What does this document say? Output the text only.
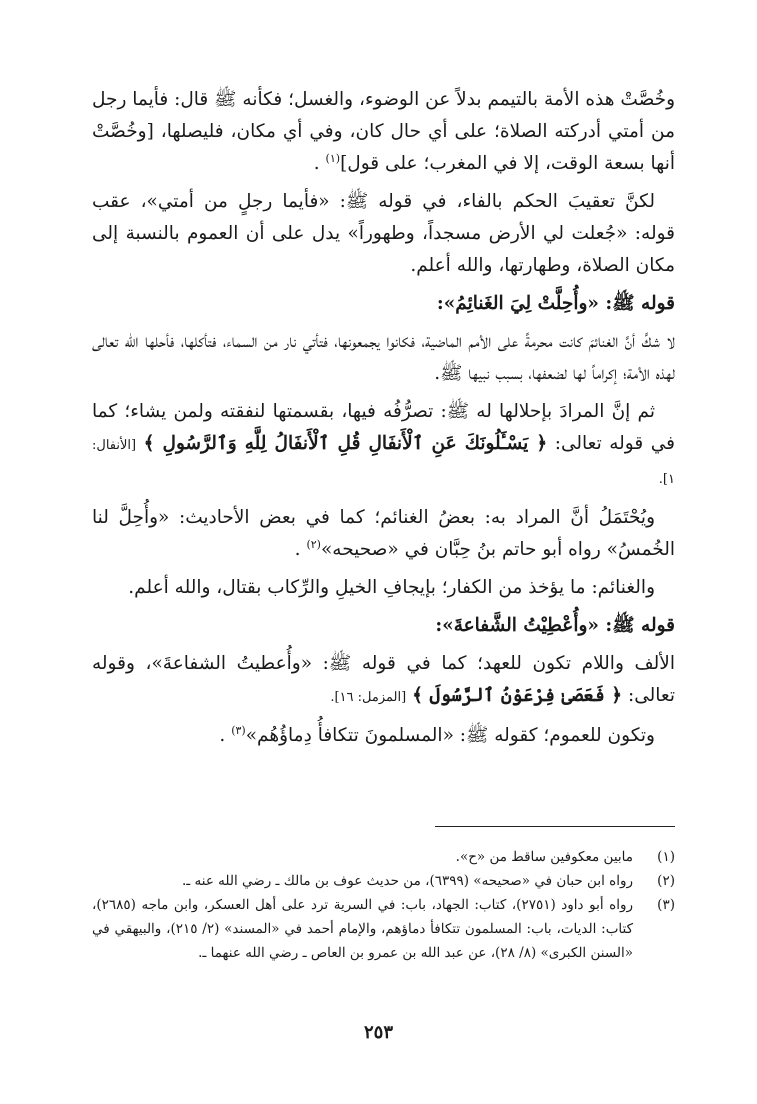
وخُصَّتْ هذه الأمة بالتيمم بدلاً عن الوضوء، والغسل؛ فكأنه ﷺ قال: فأيما رجل من أمتي أدركته الصلاة؛ على أي حال كان، وفي أي مكان، فليصلها، [وخُصَّتْ أنها بسعة الوقت، إلا في المغرب؛ على قول]$^{(١)}$ .

لكنَّ تعقيبَ الحكم بالفاء، في قوله ﷺ: «فأيما رجلٍ من أمتي»، عقب قوله: «جُعلت لي الأرض مسجداً، وطهوراً» يدل على أن العموم بالنسبة إلى مكان الصلاة، وطهارتها، والله أعلم.

قوله ﷺ: «وأُحِلَّتْ لِيَ الغَنائِمُ»:

لا شكَّ أنَّ الغنائمَ كانت محرمةً على الأمم الماضية، فكانوا يجمعونها، فتأتي نار من السماء، فتأكلها، فأحلها الله تعالى لهذه الأمة؛ إكراماً لها لضعفها، بسبب نبيها ﷺ.

ثم إنَّ المرادَ بإحلالها له ﷺ: تصرُّفُه فيها، بقسمتها لنفقته ولمن يشاء؛ كما في قوله تعالى: ﴿ يَسْـَٔلُونَكَ عَنِ ٱلْأَنفَالِ قُلِ ٱلْأَنفَالُ لِلَّهِ وَٱلرَّسُولِ ﴾ [الأنفال: ١].

ويُحْتَمَلُ أنَّ المراد به: بعضُ الغنائم؛ كما في بعض الأحاديث: «وأُحِلَّ لنا الخُمسُ» رواه أبو حاتم بنُ حِبَّان في «صحيحه»$^{(٢)}$ .

والغنائم: ما يؤخذ من الكفار؛ بإيجافِ الخيلِ والرِّكاب بقتال، والله أعلم.

قوله ﷺ: «وأُعْطِيْتُ الشَّفاعةَ»:

الألف واللام تكون للعهد؛ كما في قوله ﷺ: «وأُعطيتُ الشفاعةَ»، وقوله تعالى: ﴿ فَعَصَىٰ فِرْعَوْنُ ٱلرَّسُولَ ﴾ [المزمل: ١٦].

وتكون للعموم؛ كقوله ﷺ: «المسلمونَ تتكافأُ دِماؤُهُم»$^{(٣)}$ .

(١)
مابين معكوفين ساقط من «ح».
(٢)
رواه ابن حبان في «صحيحه» (٦٣٩٩)، من حديث عوف بن مالك ـ رضي الله عنه ـ.
(٣)
رواه أبو داود (٢٧٥١)، كتاب: الجهاد، باب: في السرية ترد على أهل العسكر، وابن ماجه (٢٦٨٥)، كتاب: الديات، باب: المسلمون تتكافأ دماؤهم، والإمام أحمد في «المسند» (٢/ ٢١٥)، والبيهقي في «السنن الكبرى» (٨/ ٢٨)، عن عبد الله بن عمرو بن العاص ـ رضي الله عنهما ـ.
٢٥٣
